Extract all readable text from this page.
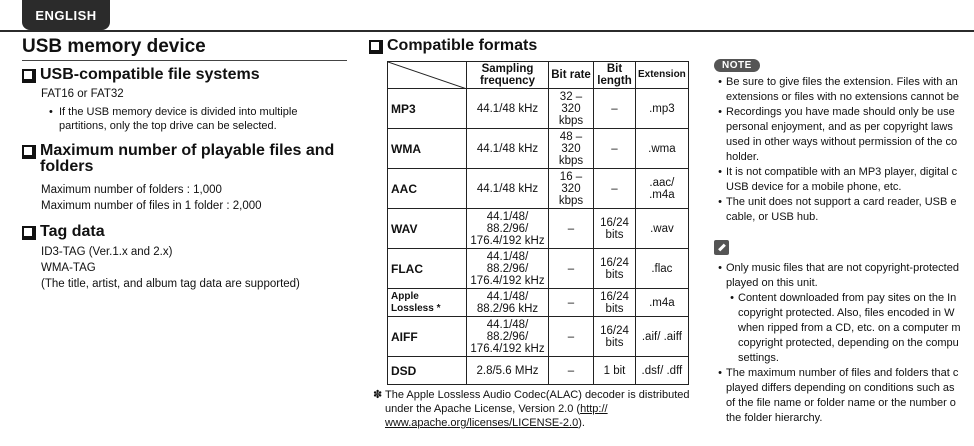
ENGLISH
USB memory device
USB-compatible file systems
FAT16 or FAT32
• If the USB memory device is divided into multiple partitions, only the top drive can be selected.
Maximum number of playable files and folders
Maximum number of folders : 1,000
Maximum number of files in 1 folder : 2,000
Tag data
ID3-TAG (Ver.1.x and 2.x)
WMA-TAG
(The title, artist, and album tag data are supported)
Compatible formats
	Sampling frequency	Bit rate	Bit length	Extension
MP3	44.1/48 kHz	32 – 320 kbps	–	.mp3
WMA	44.1/48 kHz	48 – 320 kbps	–	.wma
AAC	44.1/48 kHz	16 – 320 kbps	–	.aac/ .m4a
WAV	44.1/48/ 88.2/96/ 176.4/192 kHz	–	16/24 bits	.wav
FLAC	44.1/48/ 88.2/96/ 176.4/192 kHz	–	16/24 bits	.flac
Apple Lossless *	44.1/48/ 88.2/96 kHz	–	16/24 bits	.m4a
AIFF	44.1/48/ 88.2/96/ 176.4/192 kHz	–	16/24 bits	.aif/ .aiff
DSD	2.8/5.6 MHz	–	1 bit	.dsf/ .dff
✽ The Apple Lossless Audio Codec(ALAC) decoder is distributed under the Apache License, Version 2.0 (http:// www.apache.org/licenses/LICENSE-2.0).
NOTE
• Be sure to give files the extension. Files with an
extensions or files with no extensions cannot be
• Recordings you have made should only be use
personal enjoyment, and as per copyright laws
used in other ways without permission of the co
holder.
• It is not compatible with an MP3 player, digital c
USB device for a mobile phone, etc.
• The unit does not support a card reader, USB e
cable, or USB hub.
• Only music files that are not copyright-protected
played on this unit.
• Content downloaded from pay sites on the In
copyright protected. Also, files encoded in W
when ripped from a CD, etc. on a computer m
copyright protected, depending on the compu
settings.
• The maximum number of files and folders that c
played differs depending on conditions such as
of the file name or folder name or the number o
the folder hierarchy.
